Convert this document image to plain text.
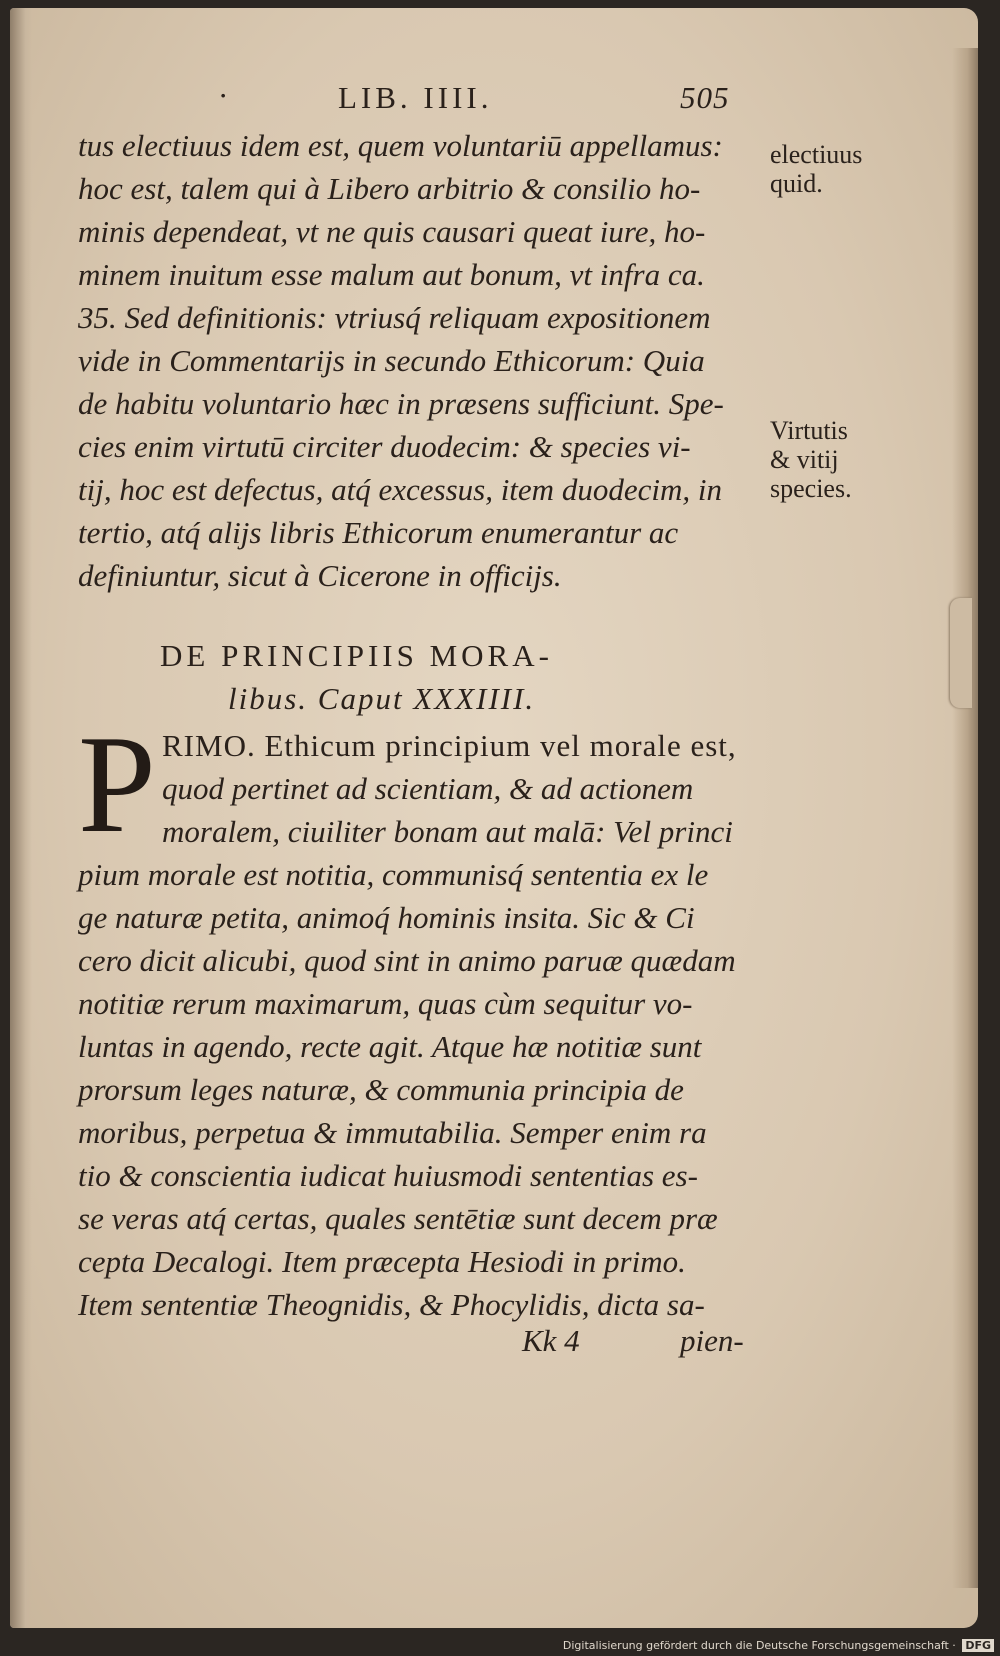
·	LIB. IIII.	505
tus electiuus idem est, quem voluntariū appellamus:
hoc est, talem qui à Libero arbitrio & consilio ho-
minis dependeat, vt ne quis causari queat iure, ho-
minem inuitum esse malum aut bonum, vt infra ca.
35. Sed definitionis: vtriusq́ reliquam expositionem
vide in Commentarijs in secundo Ethicorum: Quia
de habitu voluntario hæc in præsens sufficiunt. Spe-
cies enim virtutū circiter duodecim: & species vi-
tij, hoc est defectus, atq́ excessus, item duodecim, in
tertio, atq́ alijs libris Ethicorum enumerantur ac
definiuntur, sicut à Cicerone in officijs.
electiuus
quid.
Virtutis
& vitij
species.
DE PRINCIPIIS MORA-
libus. Caput XXXIIII.
P RIMO. Ethicum principium vel morale est,
quod pertinet ad scientiam, & ad actionem
moralem, ciuiliter bonam aut malā: Vel princi
pium morale est notitia, communisq́ sententia ex le
ge naturæ petita, animoq́ hominis insita. Sic & Ci
cero dicit alicubi, quod sint in animo paruæ quædam
notitiæ rerum maximarum, quas cùm sequitur vo-
luntas in agendo, recte agit. Atque hæ notitiæ sunt
prorsum leges naturæ, & communia principia de
moribus, perpetua & immutabilia. Semper enim ra
tio & conscientia iudicat huiusmodi sententias es-
se veras atq́ certas, quales sentētiæ sunt decem præ
cepta Decalogi. Item præcepta Hesiodi in primo.
Item sententiæ Theognidis, & Phocylidis, dicta sa-
Kk 4	pien-
Digitalisierung gefördert durch die Deutsche Forschungsgemeinschaft · DFG
